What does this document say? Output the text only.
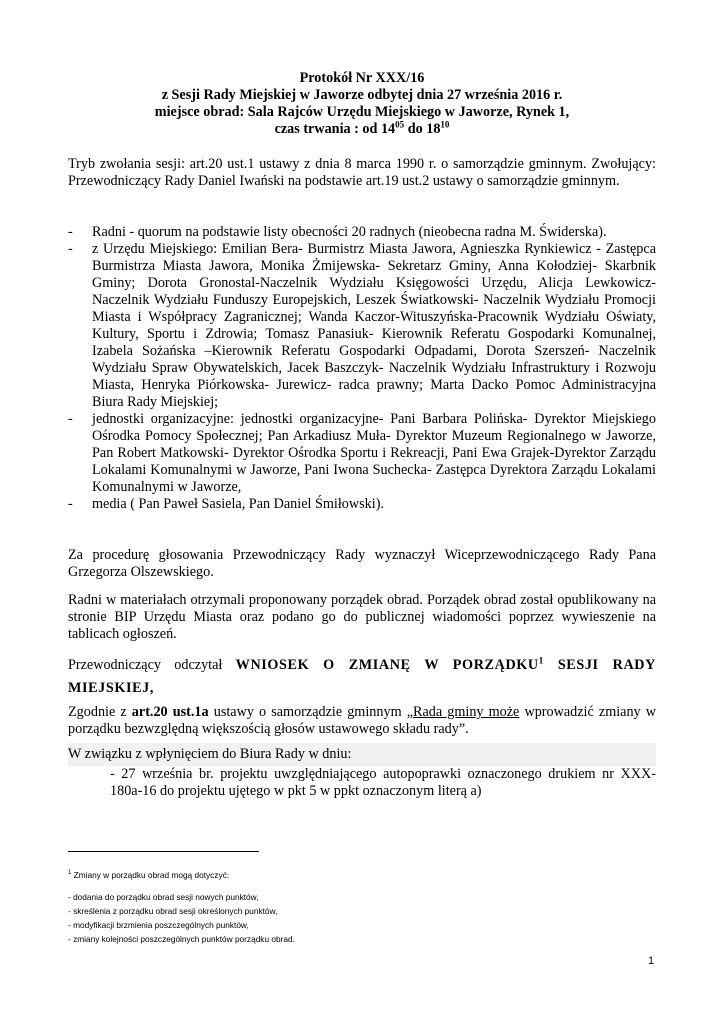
Protokół Nr XXX/16
z Sesji Rady Miejskiej w Jaworze odbytej dnia 27 września 2016 r.
miejsce obrad: Sala Rajców Urzędu Miejskiego w Jaworze, Rynek 1,
czas trwania : od $14^{05}$ do $18^{10}$

Tryb zwołania sesji: art.20 ust.1 ustawy z dnia 8 marca 1990 r. o samorządzie gminnym. Zwołujący: Przewodniczący Rady Daniel Iwański na podstawie art.19 ust.2 ustawy o samorządzie gminnym.

- Radni - quorum na podstawie listy obecności 20 radnych (nieobecna radna M. Świderska).
- z Urzędu Miejskiego: Emilian Bera- Burmistrz Miasta Jawora, Agnieszka Rynkiewicz - Zastępca Burmistrza Miasta Jawora, Monika Żmijewska- Sekretarz Gminy, Anna Kołodziej- Skarbnik Gminy; Dorota Gronostal-Naczelnik Wydziału Księgowości Urzędu, Alicja Lewkowicz- Naczelnik Wydziału Funduszy Europejskich, Leszek Światkowski- Naczelnik Wydziału Promocji Miasta i Współpracy Zagranicznej; Wanda Kaczor-Wituszyńska-Pracownik Wydziału Oświaty, Kultury, Sportu i Zdrowia; Tomasz Panasiuk- Kierownik Referatu Gospodarki Komunalnej, Izabela Sożańska –Kierownik Referatu Gospodarki Odpadami, Dorota Szerszeń- Naczelnik Wydziału Spraw Obywatelskich, Jacek Baszczyk- Naczelnik Wydziału Infrastruktury i Rozwoju Miasta, Henryka Piórkowska- Jurewicz- radca prawny; Marta Dacko Pomoc Administracyjna Biura Rady Miejskiej;
- jednostki organizacyjne: jednostki organizacyjne- Pani Barbara Polińska- Dyrektor Miejskiego Ośrodka Pomocy Społecznej; Pan Arkadiusz Muła- Dyrektor Muzeum Regionalnego w Jaworze, Pan Robert Matkowski- Dyrektor Ośrodka Sportu i Rekreacji, Pani Ewa Grajek-Dyrektor Zarządu Lokalami Komunalnymi w Jaworze, Pani Iwona Suchecka- Zastępca Dyrektora Zarządu Lokalami Komunalnymi w Jaworze,
- media ( Pan Paweł Sasiela, Pan Daniel Śmiłowski).

Za procedurę głosowania Przewodniczący Rady wyznaczył Wiceprzewodniczącego Rady Pana Grzegorza Olszewskiego.

Radni w materiałach otrzymali proponowany porządek obrad. Porządek obrad został opublikowany na stronie BIP Urzędu Miasta oraz podano go do publicznej wiadomości poprzez wywieszenie na tablicach ogłoszeń.

Przewodniczący odczytał WNIOSEK O ZMIANĘ W PORZĄDKU$^1$ SESJI RADY MIEJSKIEJ,

Zgodnie z art.20 ust.1a ustawy o samorządzie gminnym „Rada gminy może wprowadzić zmiany w porządku bezwzględną większością głosów ustawowego składu rady”.

W związku z wpłynięciem do Biura Rady w dniu:
- 27 września br. projektu uwzględniającego autopoprawki oznaczonego drukiem nr XXX-180a-16 do projektu ujętego w pkt 5 w ppkt oznaczonym literą a)
$^1$ Zmiany w porządku obrad mogą dotyczyć:
- dodania do porządku obrad sesji nowych punktów,
- skreślenia z porządku obrad sesji określonych punktów,
- modyfikacji brzmienia poszczególnych punktów,
- zmiany kolejności poszczególnych punktów porządku obrad.
1
